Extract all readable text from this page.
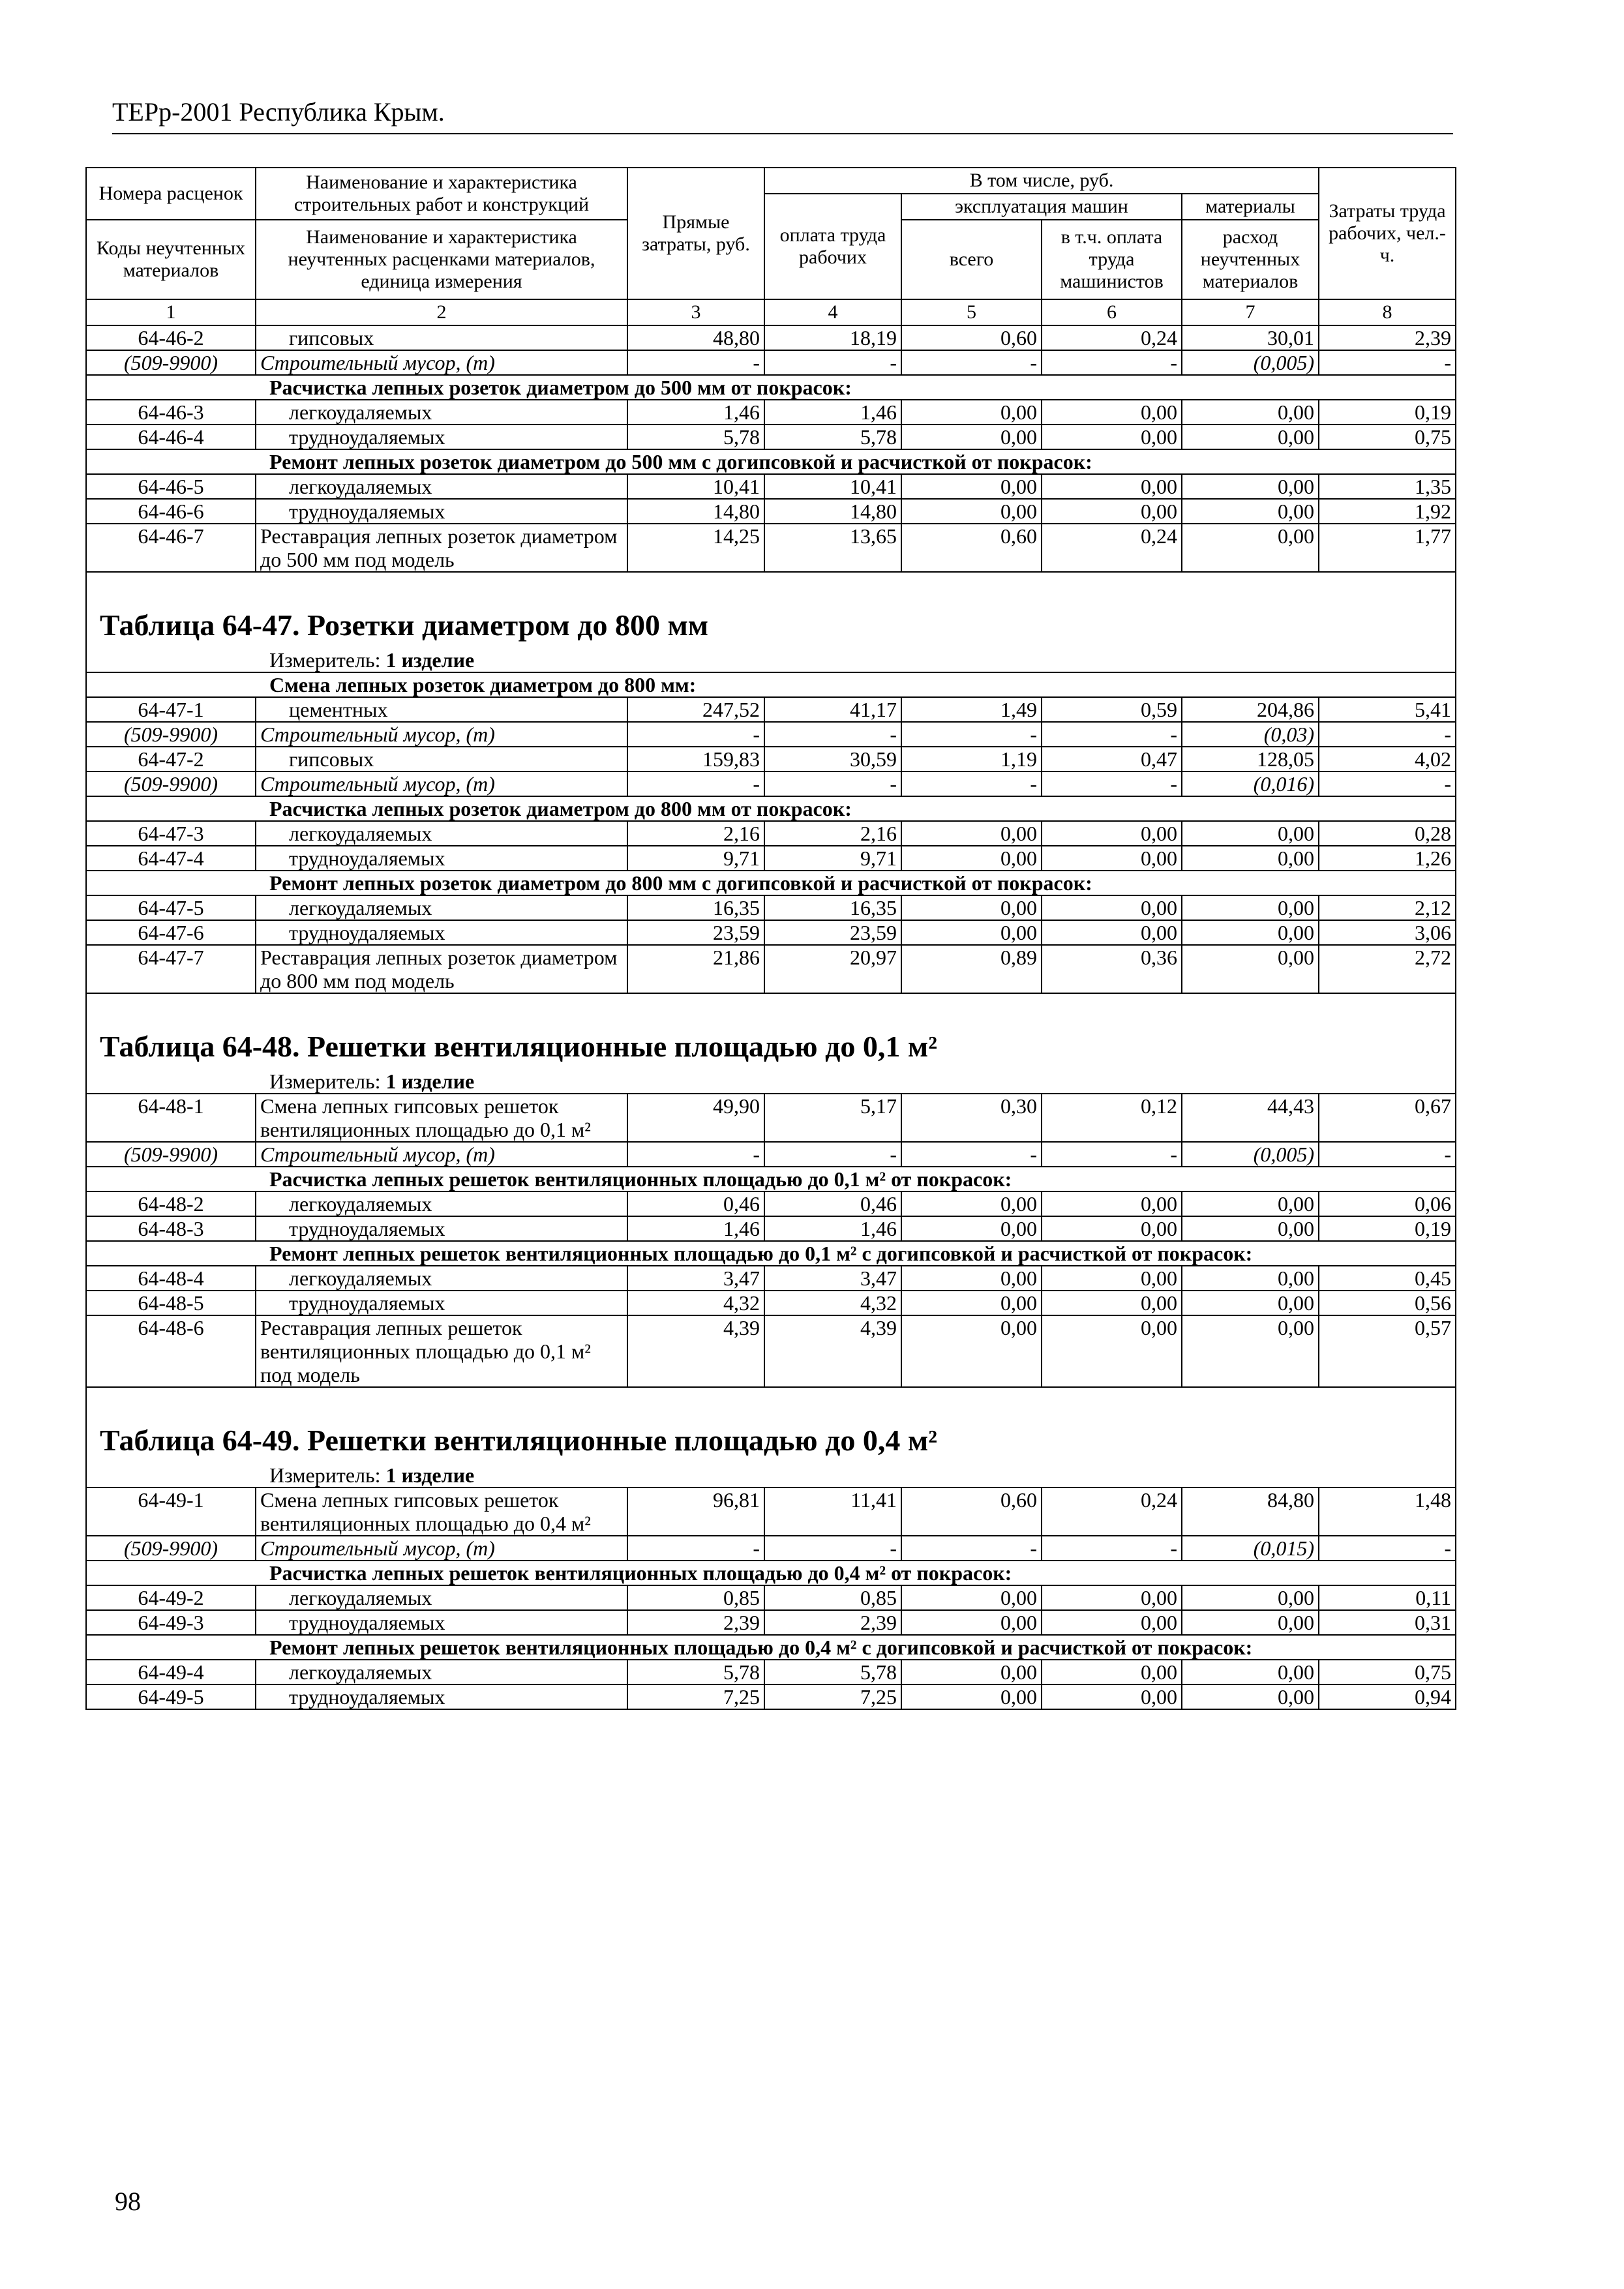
ТЕРр-2001 Республика Крым.
Номера расценок	Наименование и характеристика строительных работ и конструкций	Прямые затраты, руб.	В том числе, руб.				Затраты труда рабочих, чел.-ч.
			оплата труда рабочих	эксплуатация машин		материалы	
Коды неучтенных материалов	Наименование и характеристика неучтенных расценками материалов, единица измерения			всего	в т.ч. оплата труда машинистов	расход неучтенных материалов	

1	2	3	4	5	6	7	8
64-46-2	гипсовых	48,80	18,19	0,60	0,24	30,01	2,39
(509-9900)	Строительный мусор, (т)	-	-	-	-	(0,005)	-
Расчистка лепных розеток диаметром до 500 мм от покрасок:							
64-46-3	легкоудаляемых	1,46	1,46	0,00	0,00	0,00	0,19
64-46-4	трудноудаляемых	5,78	5,78	0,00	0,00	0,00	0,75
Ремонт лепных розеток диаметром до 500 мм с догипсовкой и расчисткой от покрасок:							
64-46-5	легкоудаляемых	10,41	10,41	0,00	0,00	0,00	1,35
64-46-6	трудноудаляемых	14,80	14,80	0,00	0,00	0,00	1,92
64-46-7	Реставрация лепных розеток диаметром до 500 мм под модель	14,25	13,65	0,60	0,24	0,00	1,77
Таблица 64-47. Розетки диаметром до 800 мм							
Измеритель: 1 изделие							
Смена лепных розеток диаметром до 800 мм:							
64-47-1	цементных	247,52	41,17	1,49	0,59	204,86	5,41
(509-9900)	Строительный мусор, (т)	-	-	-	-	(0,03)	-
64-47-2	гипсовых	159,83	30,59	1,19	0,47	128,05	4,02
(509-9900)	Строительный мусор, (т)	-	-	-	-	(0,016)	-
Расчистка лепных розеток диаметром до 800 мм от покрасок:							
64-47-3	легкоудаляемых	2,16	2,16	0,00	0,00	0,00	0,28
64-47-4	трудноудаляемых	9,71	9,71	0,00	0,00	0,00	1,26
Ремонт лепных розеток диаметром до 800 мм с догипсовкой и расчисткой от покрасок:							
64-47-5	легкоудаляемых	16,35	16,35	0,00	0,00	0,00	2,12
64-47-6	трудноудаляемых	23,59	23,59	0,00	0,00	0,00	3,06
64-47-7	Реставрация лепных розеток диаметром до 800 мм под модель	21,86	20,97	0,89	0,36	0,00	2,72
Таблица 64-48. Решетки вентиляционные площадью до 0,1 м²							
Измеритель: 1 изделие							
64-48-1	Смена лепных гипсовых решеток вентиляционных площадью до 0,1 м²	49,90	5,17	0,30	0,12	44,43	0,67
(509-9900)	Строительный мусор, (т)	-	-	-	-	(0,005)	-
Расчистка лепных решеток вентиляционных площадью до 0,1 м² от покрасок:							
64-48-2	легкоудаляемых	0,46	0,46	0,00	0,00	0,00	0,06
64-48-3	трудноудаляемых	1,46	1,46	0,00	0,00	0,00	0,19
Ремонт лепных решеток вентиляционных площадью до 0,1 м² с догипсовкой и расчисткой от покрасок:							
64-48-4	легкоудаляемых	3,47	3,47	0,00	0,00	0,00	0,45
64-48-5	трудноудаляемых	4,32	4,32	0,00	0,00	0,00	0,56
64-48-6	Реставрация лепных решеток вентиляционных площадью до 0,1 м² под модель	4,39	4,39	0,00	0,00	0,00	0,57
Таблица 64-49. Решетки вентиляционные площадью до 0,4 м²							
Измеритель: 1 изделие							
64-49-1	Смена лепных гипсовых решеток вентиляционных площадью до 0,4 м²	96,81	11,41	0,60	0,24	84,80	1,48
(509-9900)	Строительный мусор, (т)	-	-	-	-	(0,015)	-
Расчистка лепных решеток вентиляционных площадью до 0,4 м² от покрасок:							
64-49-2	легкоудаляемых	0,85	0,85	0,00	0,00	0,00	0,11
64-49-3	трудноудаляемых	2,39	2,39	0,00	0,00	0,00	0,31
Ремонт лепных решеток вентиляционных площадью до 0,4 м² с догипсовкой и расчисткой от покрасок:							
64-49-4	легкоудаляемых	5,78	5,78	0,00	0,00	0,00	0,75
64-49-5	трудноудаляемых	7,25	7,25	0,00	0,00	0,00	0,94
98
